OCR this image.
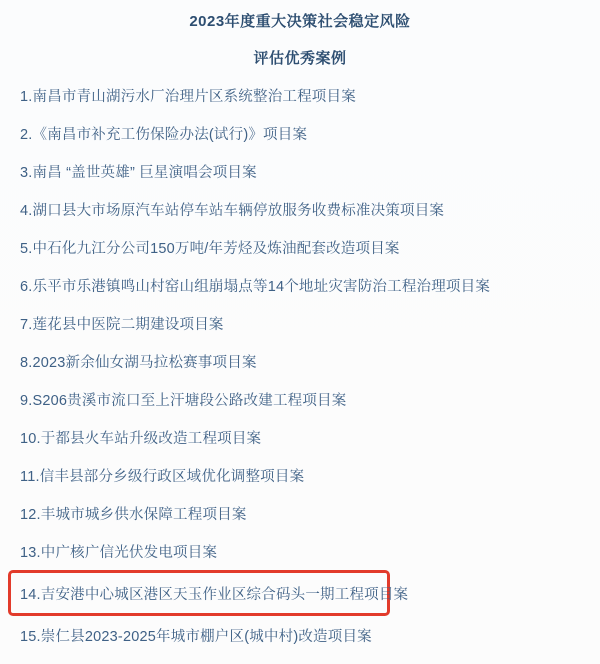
2023年度重大决策社会稳定风险
评估优秀案例
1.南昌市青山湖污水厂治理片区系统整治工程项目案
2.《南昌市补充工伤保险办法(试行)》项目案
3.南昌 “盖世英雄” 巨星演唱会项目案
4.湖口县大市场原汽车站停车站车辆停放服务收费标准决策项目案
5.中石化九江分公司150万吨/年芳烃及炼油配套改造项目案
6.乐平市乐港镇鸣山村窑山组崩塌点等14个地址灾害防治工程治理项目案
7.莲花县中医院二期建设项目案
8.2023新余仙女湖马拉松赛事项目案
9.S206贵溪市流口至上汗塘段公路改建工程项目案
10.于都县火车站升级改造工程项目案
11.信丰县部分乡级行政区域优化调整项目案
12.丰城市城乡供水保障工程项目案
13.中广核广信光伏发电项目案
14.吉安港中心城区港区天玉作业区综合码头一期工程项目案
15.崇仁县2023-2025年城市棚户区(城中村)改造项目案
